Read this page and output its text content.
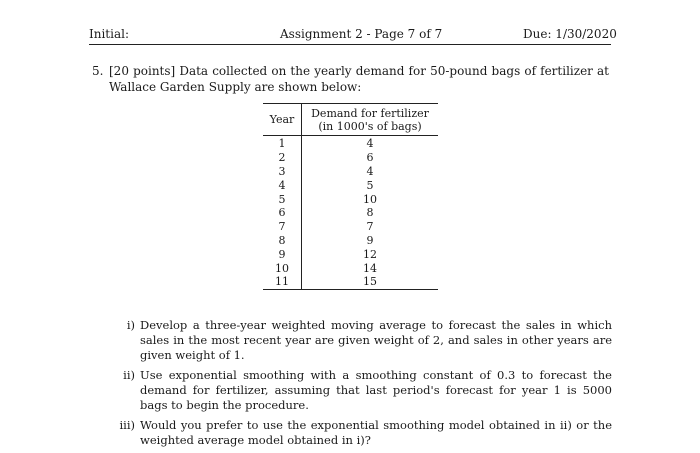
Initial:	Assignment 2 - Page 7 of 7	Due: 1/30/2020
5. [20 points] Data collected on the yearly demand for 50-pound bags of fertilizer at Wallace Garden Supply are shown below:
Year	Demand for fertilizer
(in 1000's of bags)

1	4
2	6
3	4
4	5
5	10
6	8
7	7
8	9
9	12
10	14
11	15
i) Develop a three-year weighted moving average to forecast the sales in which sales in the most recent year are given weight of 2, and sales in other years are given weight of 1.
ii) Use exponential smoothing with a smoothing constant of 0.3 to forecast the demand for fertilizer, assuming that last period's forecast for year 1 is 5000 bags to begin the procedure.
iii) Would you prefer to use the exponential smoothing model obtained in ii) or the weighted average model obtained in i)?
